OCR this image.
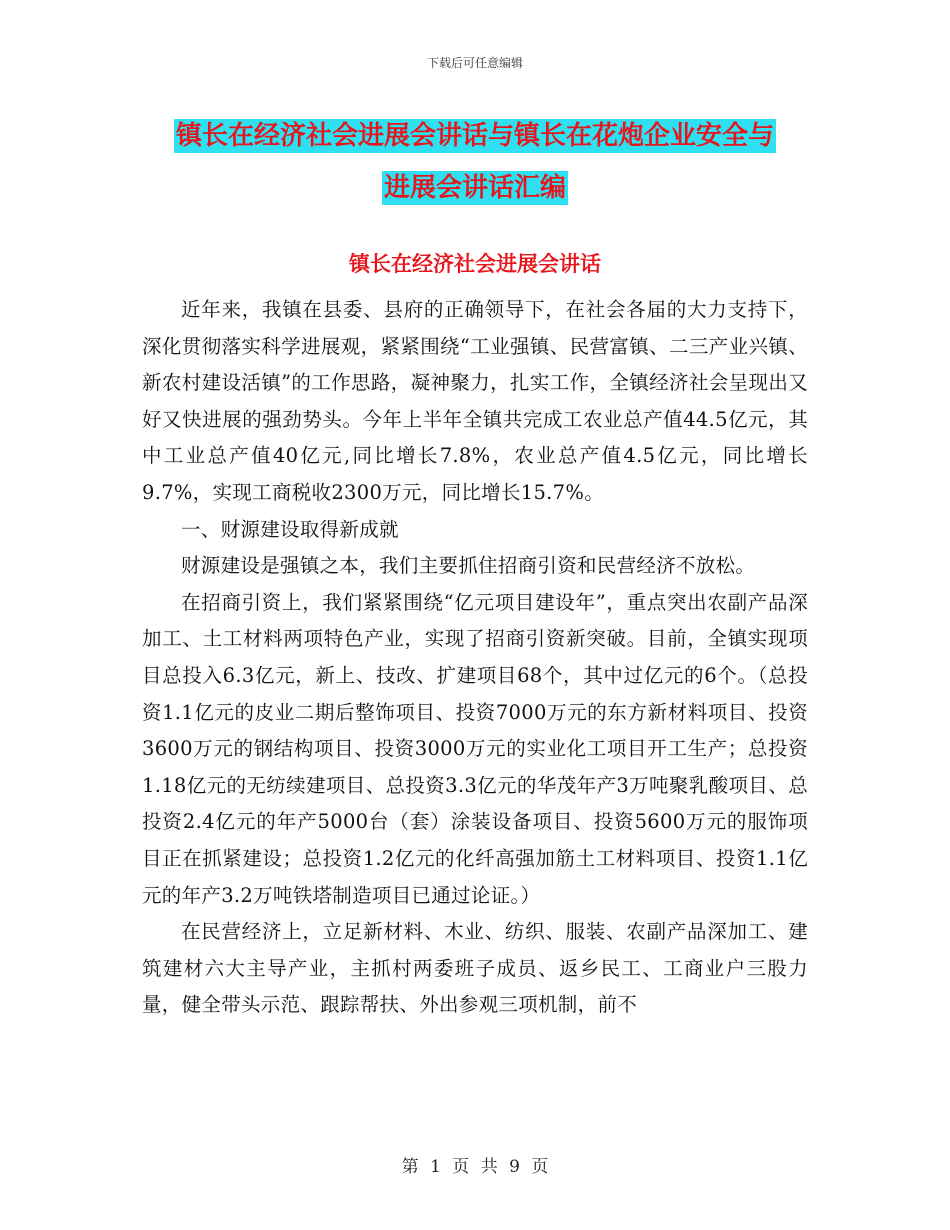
下载后可任意编辑
镇长在经济社会进展会讲话与镇长在花炮企业安全与
进展会讲话汇编
镇长在经济社会进展会讲话

近年来，我镇在县委、县府的正确领导下，在社会各届的大力支持下，深化贯彻落实科学进展观，紧紧围绕“工业强镇、民营富镇、二三产业兴镇、新农村建设活镇”的工作思路，凝神聚力，扎实工作，全镇经济社会呈现出又好又快进展的强劲势头。今年上半年全镇共完成工农业总产值44.5亿元，其中工业总产值40亿元,同比增长7.8%，农业总产值4.5亿元，同比增长9.7%，实现工商税收2300万元，同比增长15.7%。

一、财源建设取得新成就

财源建设是强镇之本，我们主要抓住招商引资和民营经济不放松。

在招商引资上，我们紧紧围绕“亿元项目建设年”，重点突出农副产品深加工、土工材料两项特色产业，实现了招商引资新突破。目前，全镇实现项目总投入6.3亿元，新上、技改、扩建项目68个，其中过亿元的6个。（总投资1.1亿元的皮业二期后整饰项目、投资7000万元的东方新材料项目、投资3600万元的钢结构项目、投资3000万元的实业化工项目开工生产；总投资1.18亿元的无纺续建项目、总投资3.3亿元的华茂年产3万吨聚乳酸项目、总投资2.4亿元的年产5000台（套）涂装设备项目、投资5600万元的服饰项目正在抓紧建设；总投资1.2亿元的化纤高强加筋土工材料项目、投资1.1亿元的年产3.2万吨铁塔制造项目已通过论证。）

在民营经济上，立足新材料、木业、纺织、服装、农副产品深加工、建筑建材六大主导产业，主抓村两委班子成员、返乡民工、工商业户三股力量，健全带头示范、跟踪帮扶、外出参观三项机制，前不

第 1 页 共 9 页
